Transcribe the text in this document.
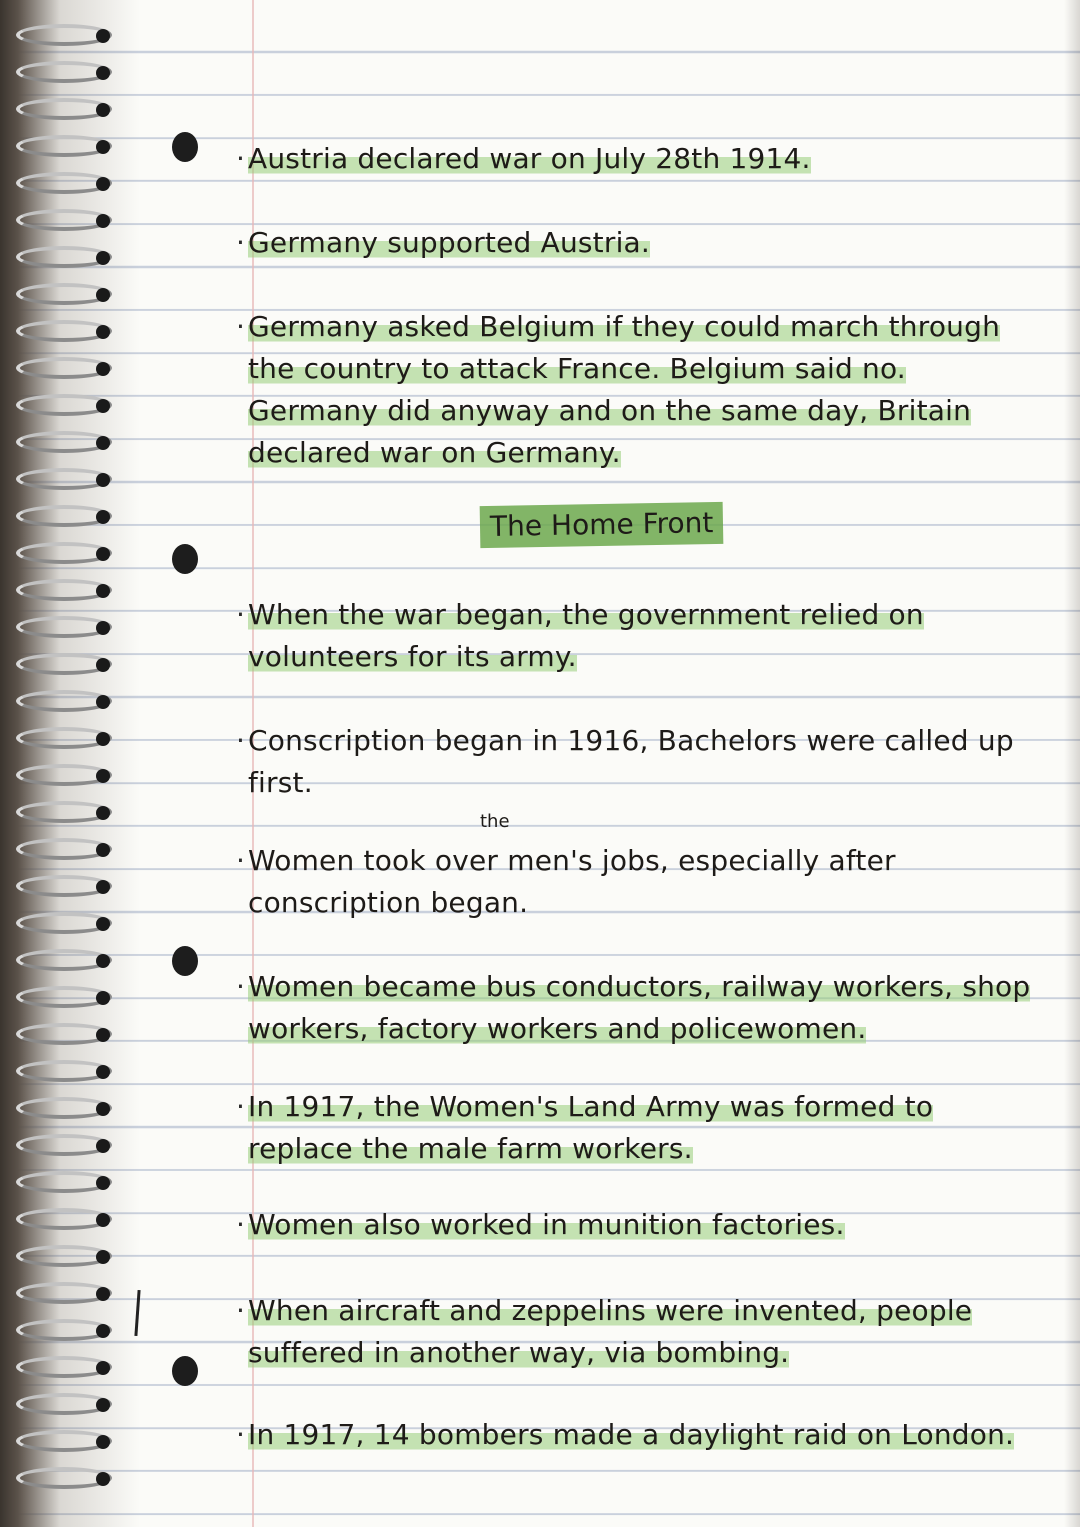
· Austria declared war on July 28th 1914.
· Germany supported Austria.
· Germany asked Belgium if they could march through the country to attack France. Belgium said no. Germany did anyway and on the same day, Britain declared war on Germany.
The Home Front
· When the war began, the government relied on volunteers for its army.
· Conscription began in 1916, Bachelors were called up first.
the
· Women took over men's jobs, especially after conscription began.
· Women became bus conductors, railway workers, shop workers, factory workers and policewomen.
· In 1917, the Women's Land Army was formed to replace the male farm workers.
· Women also worked in munition factories.
· When aircraft and zeppelins were invented, people suffered in another way, via bombing.
· In 1917, 14 bombers made a daylight raid on London.
